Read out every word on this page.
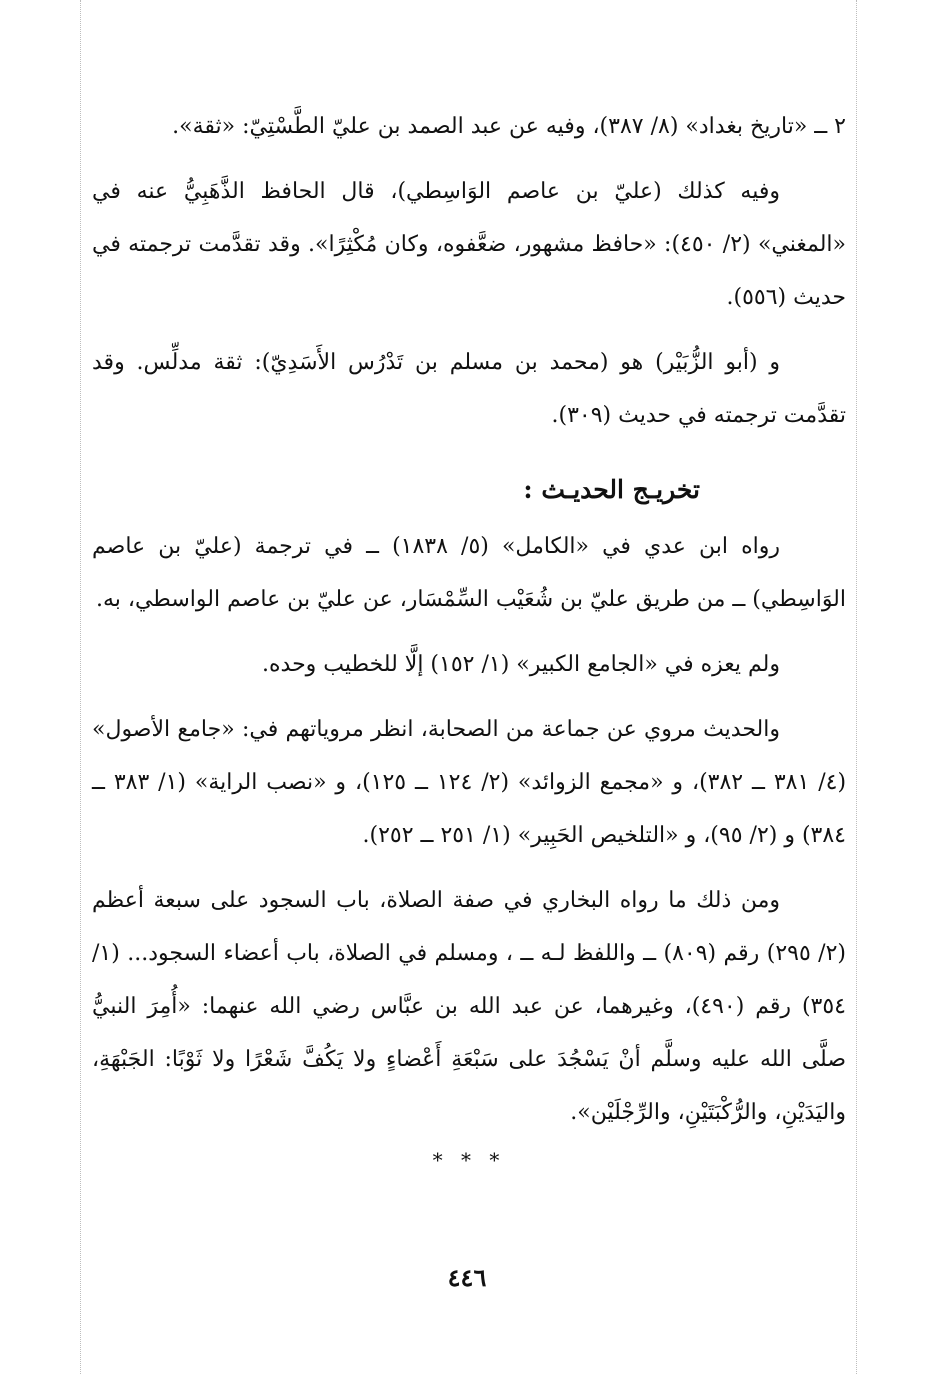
٢ ــ «تاريخ بغداد» (٨/ ٣٨٧)، وفيه عن عبد الصمد بن عليّ الطَّسْتِيّ: «ثقة».

وفيه كذلك (عليّ بن عاصم الوَاسِطي)، قال الحافظ الذَّهَبِيُّ عنه في «المغني» (٢/ ٤٥٠): «حافظ مشهور، ضعَّفوه، وكان مُكْثِرًا». وقد تقدَّمت ترجمته في حديث (٥٥٦).

و (أبو الزُّبَيْر) هو (محمد بن مسلم بن تَدْرُس الأَسَدِيّ): ثقة مدلِّس. وقد تقدَّمت ترجمته في حديث (٣٠٩).

تخريـج الحديـث :

رواه ابن عدي في «الكامل» (٥/ ١٨٣٨) ــ في ترجمة (عليّ بن عاصم الوَاسِطي) ــ من طريق عليّ بن شُعَيْب السِّمْسَار، عن عليّ بن عاصم الواسطي، به.

ولم يعزه في «الجامع الكبير» (١/ ١٥٢) إلَّا للخطيب وحده.

والحديث مروي عن جماعة من الصحابة، انظر مروياتهم في: «جامع الأصول» (٤/ ٣٨١ ــ ٣٨٢)، و «مجمع الزوائد» (٢/ ١٢٤ ــ ١٢٥)، و «نصب الراية» (١/ ٣٨٣ ــ ٣٨٤) و (٢/ ٩٥)، و «التلخيص الحَبِير» (١/ ٢٥١ ــ ٢٥٢).

ومن ذلك ما رواه البخاري في صفة الصلاة، باب السجود على سبعة أعظم (٢/ ٢٩٥) رقم (٨٠٩) ــ واللفظ لـه ــ ، ومسلم في الصلاة، باب أعضاء السجود... (١/ ٣٥٤) رقم (٤٩٠)، وغيرهما، عن عبد الله بن عبَّاس رضي الله عنهما: «أُمِرَ النبيُّ صلَّى الله عليه وسلَّم أنْ يَسْجُدَ على سَبْعَةِ أَعْضاءٍ ولا يَكُفَّ شَعْرًا ولا ثَوْبًا: الجَبْهَةِ، واليَدَيْنِ، والرُّكْبَتَيْنِ، والرِّجْلَيْن».

* * *

٤٤٦
